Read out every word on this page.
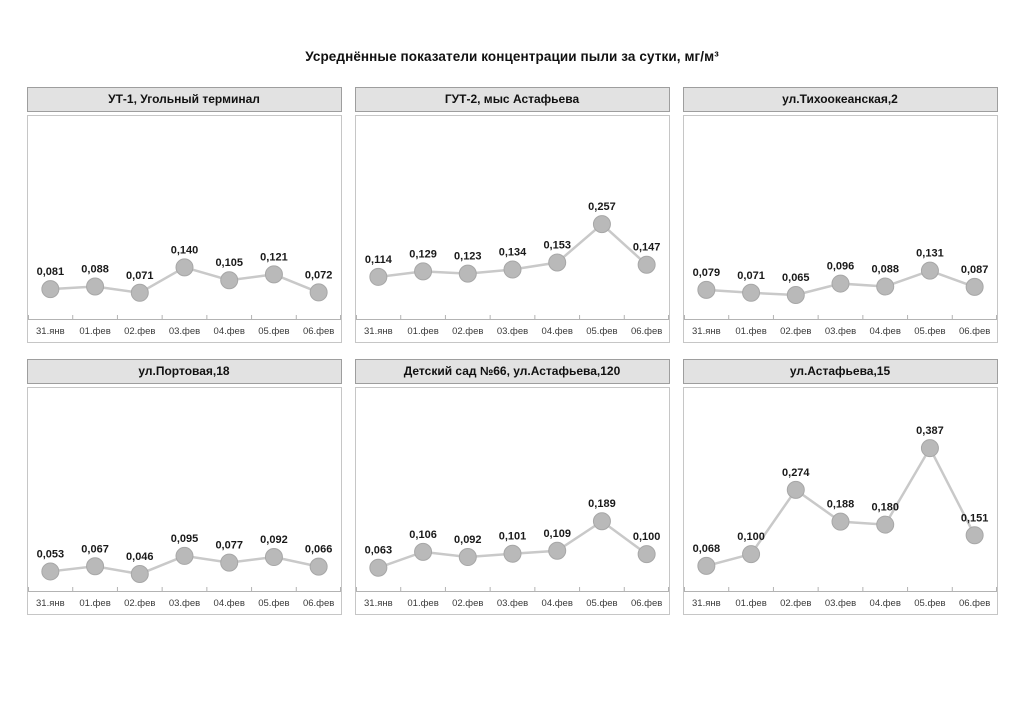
Усреднённые показатели концентрации пыли за сутки, мг/м³
УТ-1, Угольный терминал
0,081 0,088
0,071
0,140
0,105 0,121
0,072
31.янв 01.фев 02.фев 03.фев 04.фев 05.фев 06.фев
ГУТ-2, мыс Астафьева
0,114 0,129 0,123 0,134
0,153
0,257
0,147
31.янв 01.фев 02.фев 03.фев 04.фев 05.фев 06.фев
ул.Тихоокеанская,2
0,079 0,071 0,065
0,096 0,088
0,131
0,087
31.янв 01.фев 02.фев 03.фев 04.фев 05.фев 06.фев
ул.Портовая,18
0,053 0,067
0,046
0,095
0,077 0,092
0,066
31.янв 01.фев 02.фев 03.фев 04.фев 05.фев 06.фев
Детский сад №66, ул.Астафьева,120
0,063
0,106 0,092 0,101 0,109
0,189
0,100
31.янв 01.фев 02.фев 03.фев 04.фев 05.фев 06.фев
ул.Астафьева,15
0,068
0,100
0,274
0,188 0,180
0,387
0,151
31.янв 01.фев 02.фев 03.фев 04.фев 05.фев 06.фев
